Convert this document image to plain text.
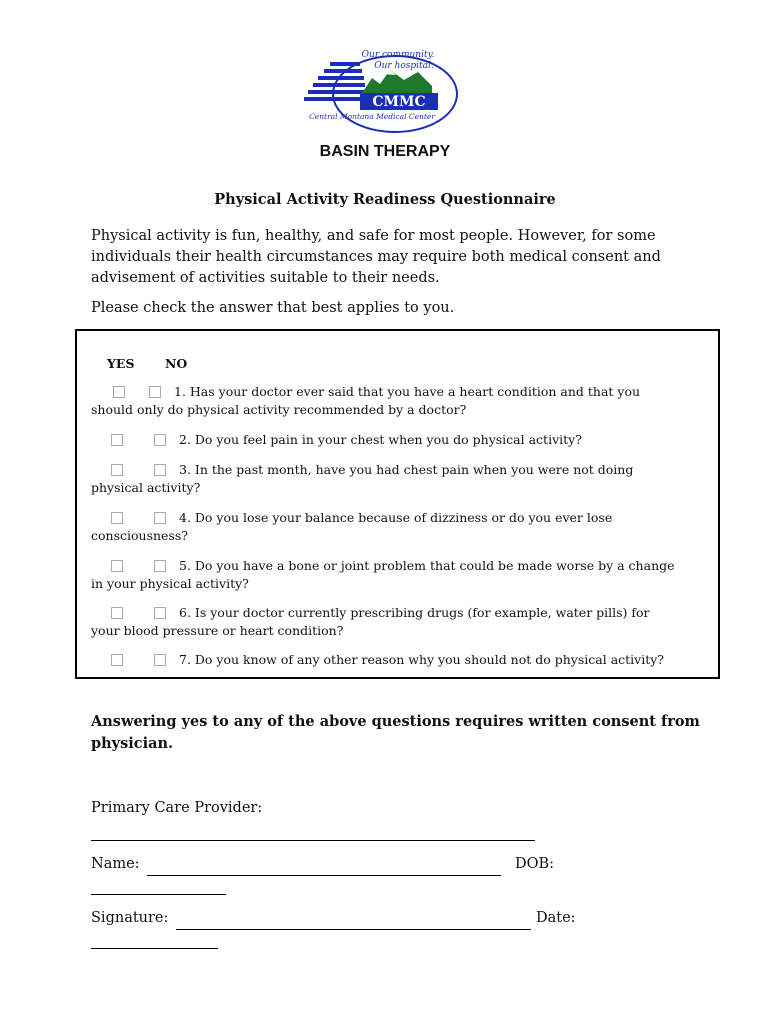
CMMC
Our community.
Our hospital.
Central Montana Medical Center
BASIN THERAPY
Physical Activity Readiness Questionnaire

Physical activity is fun, healthy, and safe for most people. However, for some individuals their health circumstances may require both medical consent and advisement of activities suitable to their needs.

Please check the answer that best applies to you.

YES NO
1. Has your doctor ever said that you have a heart condition and that you
should only do physical activity recommended by a doctor?
2. Do you feel pain in your chest when you do physical activity?
3. In the past month, have you had chest pain when you were not doing
physical activity?
4. Do you lose your balance because of dizziness or do you ever lose
consciousness?
5. Do you have a bone or joint problem that could be made worse by a change
in your physical activity?
6. Is your doctor currently prescribing drugs (for example, water pills) for
your blood pressure or heart condition?
7. Do you know of any other reason why you should not do physical activity?

Answering yes to any of the above questions requires written consent from physician.

Primary Care Provider:
Name:	DOB:
Signature:	Date:
